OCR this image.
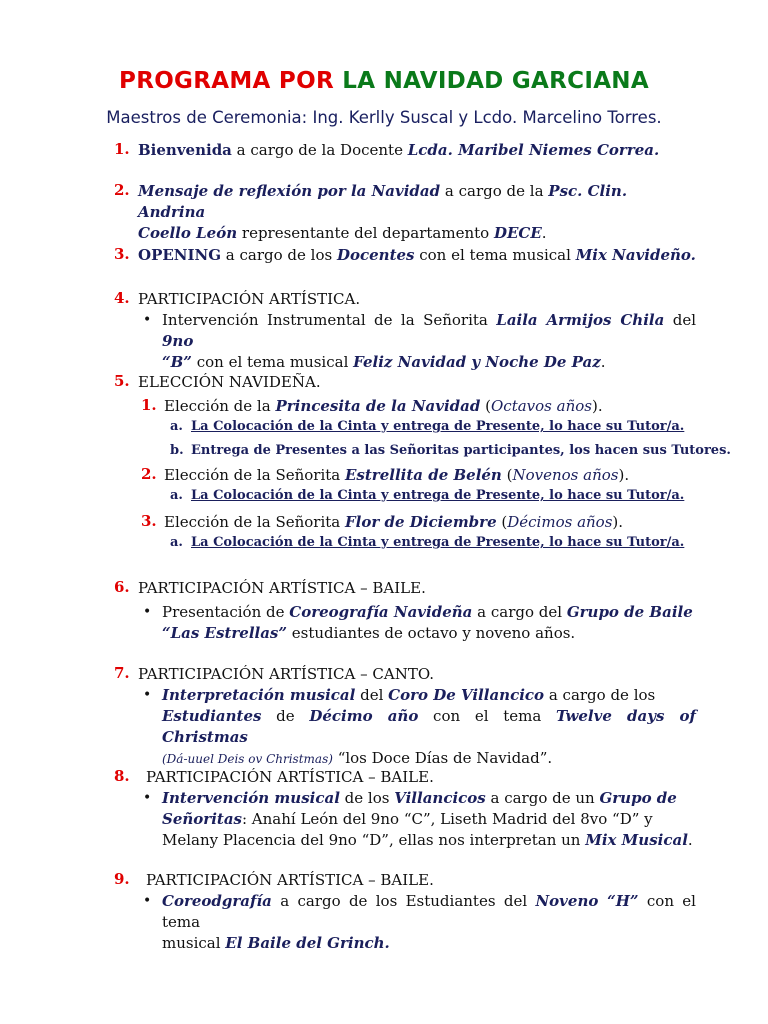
PROGRAMA POR LA NAVIDAD GARCIANA
Maestros de Ceremonia: Ing. Kerlly Suscal y Lcdo. Marcelino Torres.
1. Bienvenida a cargo de la Docente Lcda. Maribel Niemes Correa.
2. Mensaje de reflexión por la Navidad a cargo de la Psc. Clin. Andrina
Coello León representante del departamento DECE.
3. OPENING a cargo de los Docentes con el tema musical Mix Navideño.
4. PARTICIPACIÓN ARTÍSTICA.
• Intervención Instrumental de la Señorita Laila Armijos Chila del 9no
“B” con el tema musical Feliz Navidad y Noche De Paz.
5. ELECCIÓN NAVIDEÑA.
1. Elección de la Princesita de la Navidad (Octavos años).
a. La Colocación de la Cinta y entrega de Presente, lo hace su Tutor/a.
b. Entrega de Presentes a las Señoritas participantes, los hacen sus Tutores.
2. Elección de la Señorita Estrellita de Belén (Novenos años).
a. La Colocación de la Cinta y entrega de Presente, lo hace su Tutor/a.
3. Elección de la Señorita Flor de Diciembre (Décimos años).
a. La Colocación de la Cinta y entrega de Presente, lo hace su Tutor/a.
6. PARTICIPACIÓN ARTÍSTICA – BAILE.
• Presentación de Coreografía Navideña a cargo del Grupo de Baile
“Las Estrellas” estudiantes de octavo y noveno años.
7. PARTICIPACIÓN ARTÍSTICA – CANTO.
• Interpretación musical del Coro De Villancico a cargo de los
Estudiantes de Décimo año con el tema Twelve days of Christmas
(Dá-uuel Deis ov Christmas) “los Doce Días de Navidad”.
8. PARTICIPACIÓN ARTÍSTICA – BAILE.
• Intervención musical de los Villancicos a cargo de un Grupo de
Señoritas: Anahí León del 9no “C”, Liseth Madrid del 8vo “D” y
Melany Placencia del 9no “D”, ellas nos interpretan un Mix Musical.
9. PARTICIPACIÓN ARTÍSTICA – BAILE.
• Coreodgrafía a cargo de los Estudiantes del Noveno “H” con el tema
musical El Baile del Grinch.
